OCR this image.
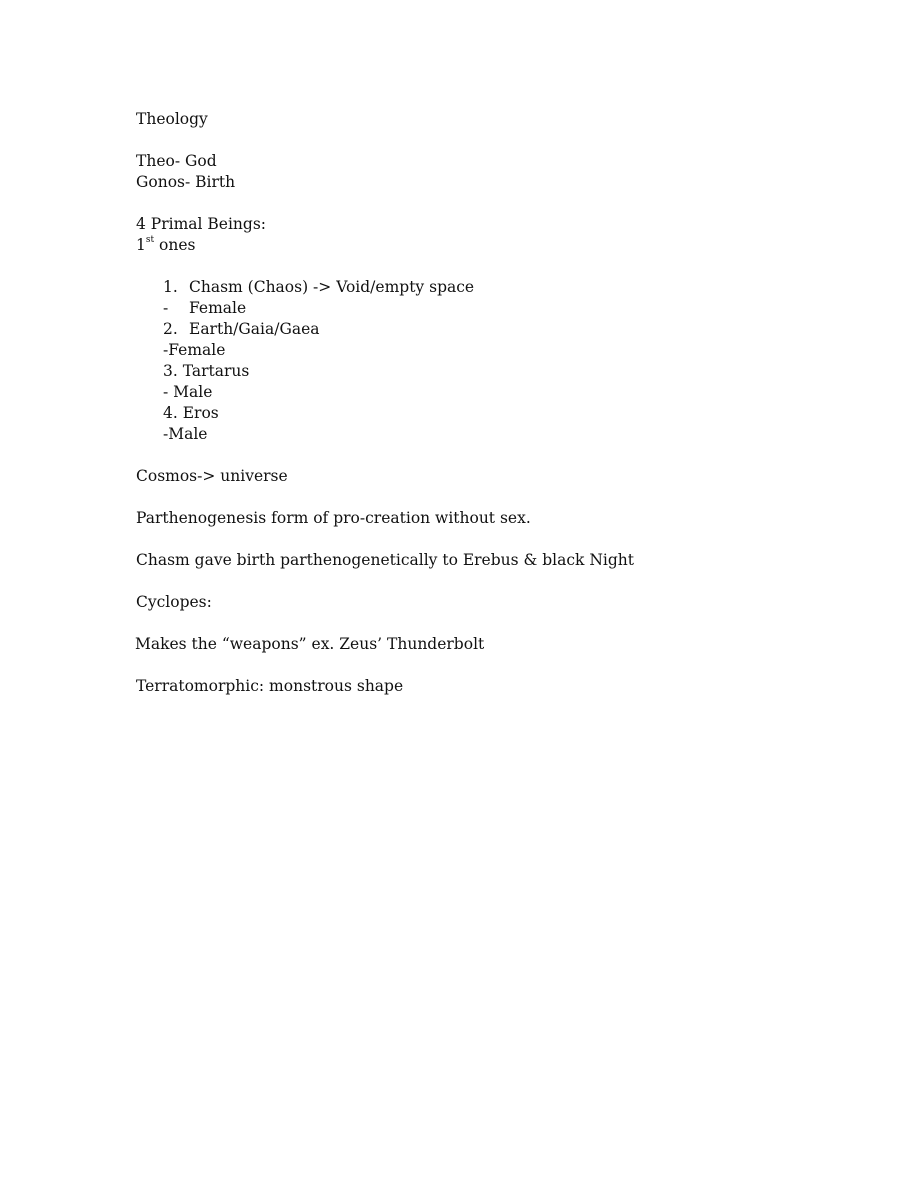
Theology
Theo- God
Gonos- Birth
4 Primal Beings:
1st ones
1. Chasm (Chaos) -> Void/empty space
- Female
2. Earth/Gaia/Gaea
-Female
3. Tartarus
- Male
4. Eros
-Male
Cosmos-> universe
Parthenogenesis form of pro-creation without sex.
Chasm gave birth parthenogenetically to Erebus & black Night
Cyclopes:
Makes the “weapons” ex. Zeus’ Thunderbolt
Terratomorphic: monstrous shape
